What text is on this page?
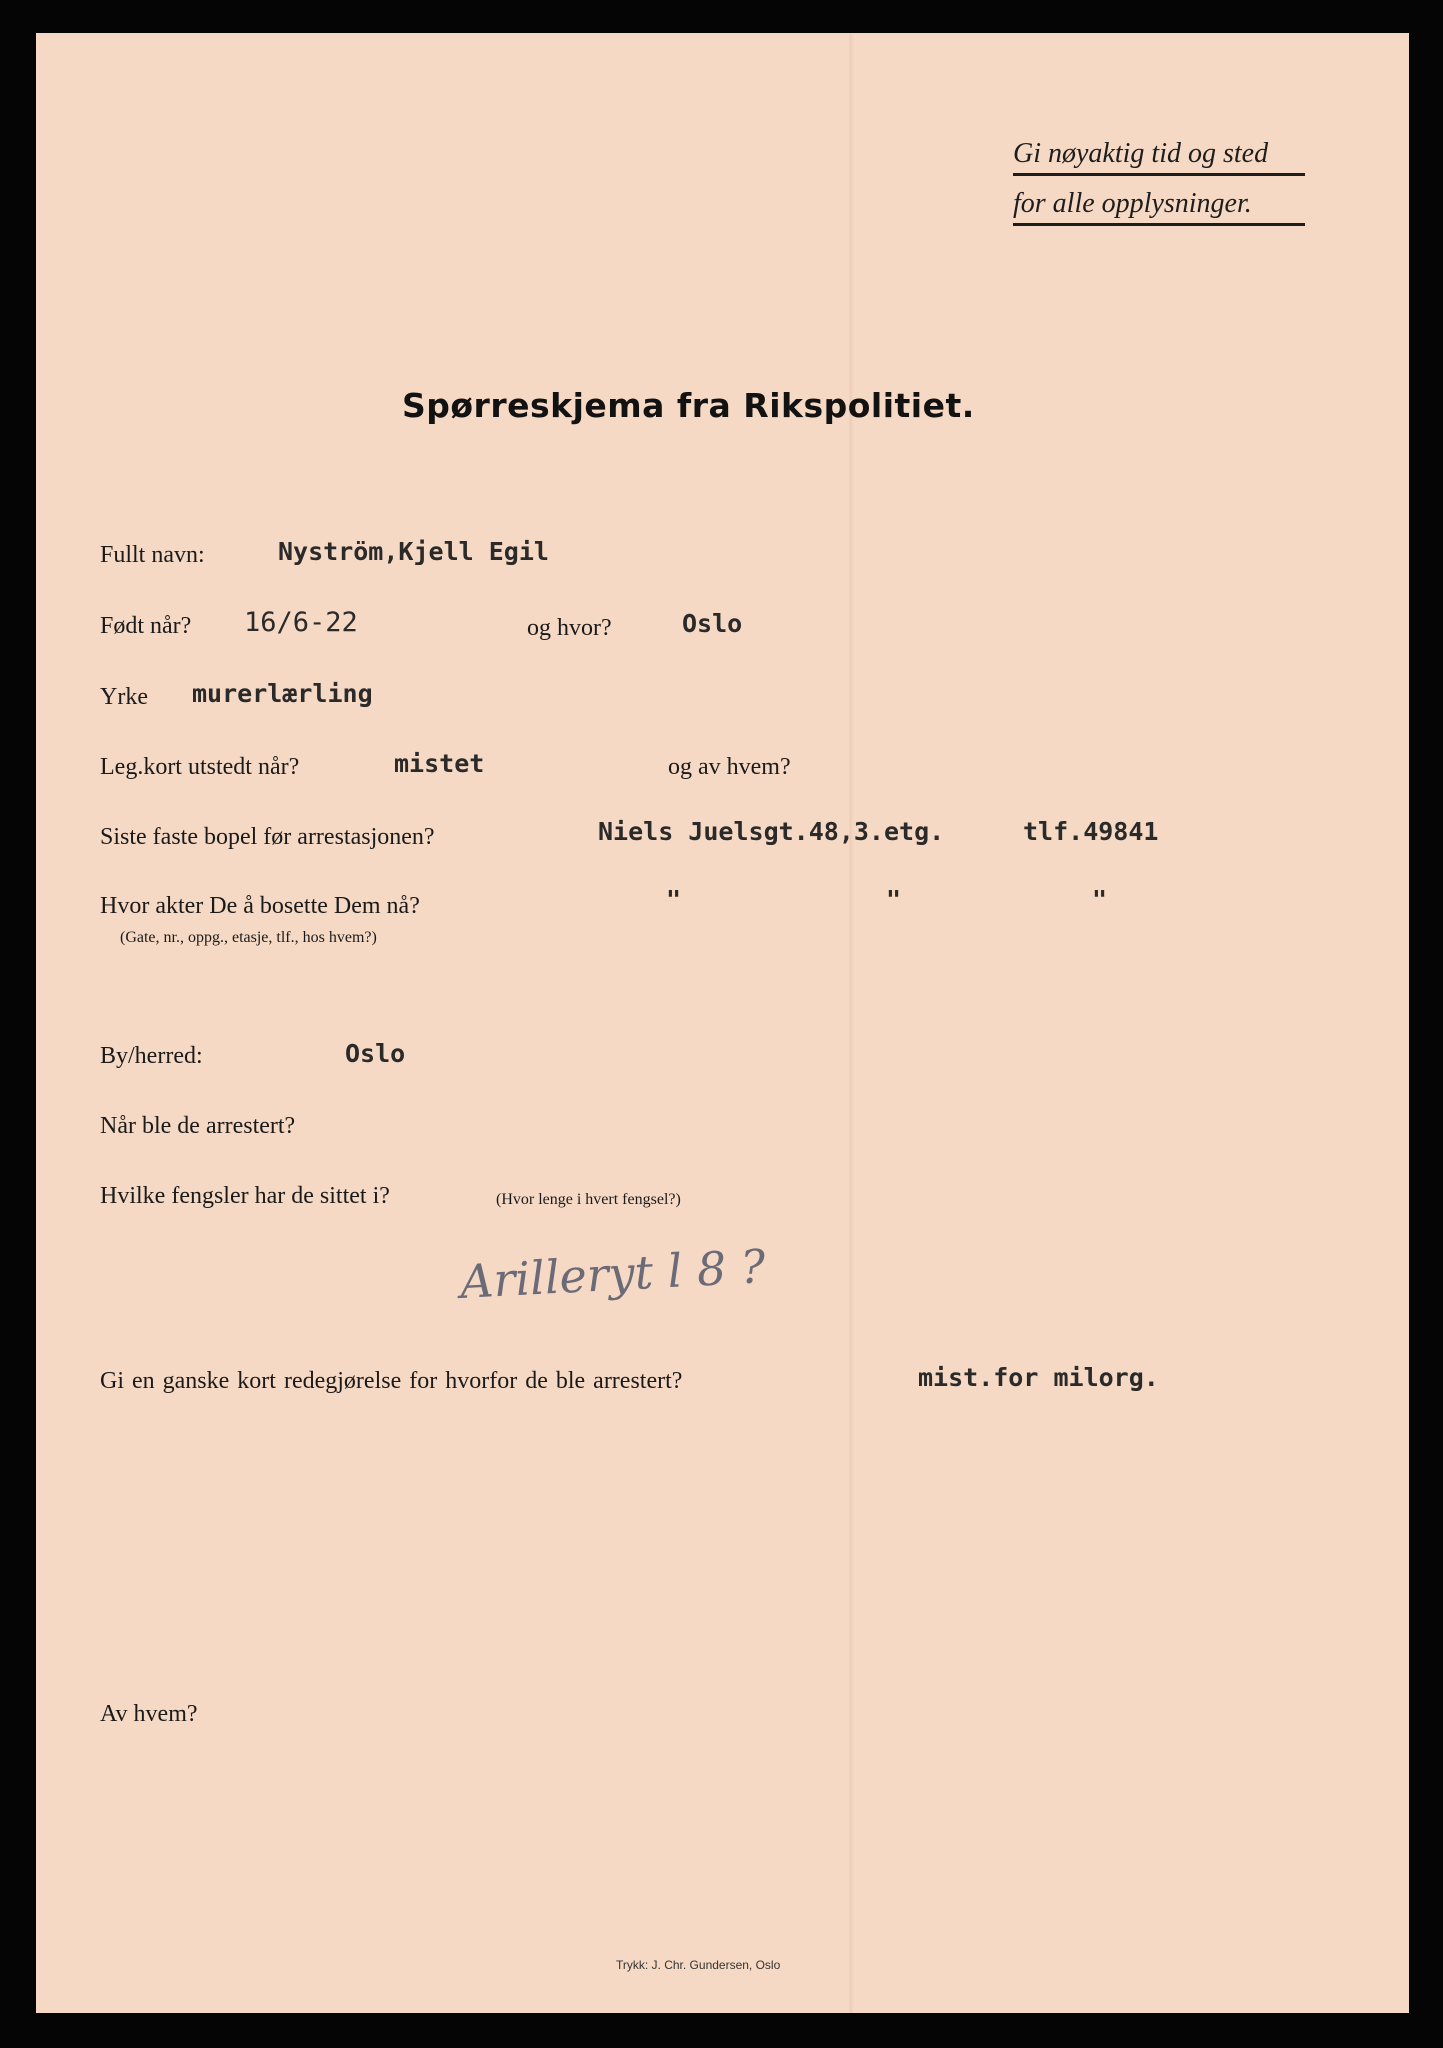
Gi nøyaktig tid og sted
for alle opplysninger.
Spørreskjema fra Rikspolitiet.
Fullt navn:	Nyström,Kjell Egil
Født når? 16/6-22	og hvor?	Oslo
Yrke murerlærling
Leg.kort utstedt når?	mistet	og av hvem?
Siste faste bopel før arrestasjonen?	Niels Juelsgt.48,3.etg.	tlf.49841
Hvor akter De å bosette Dem nå?
(Gate, nr., oppg., etasje, tlf., hos hvem?)
"	"	"
By/herred:	Oslo
Når ble de arrestert?
Hvilke fengsler har de sittet i?	(Hvor lenge i hvert fengsel?)
Arilleryt l 8 ?
Gi en ganske kort redegjørelse for hvorfor de ble arrestert?	mist.for milorg.
Av hvem?
Trykk: J. Chr. Gundersen, Oslo
